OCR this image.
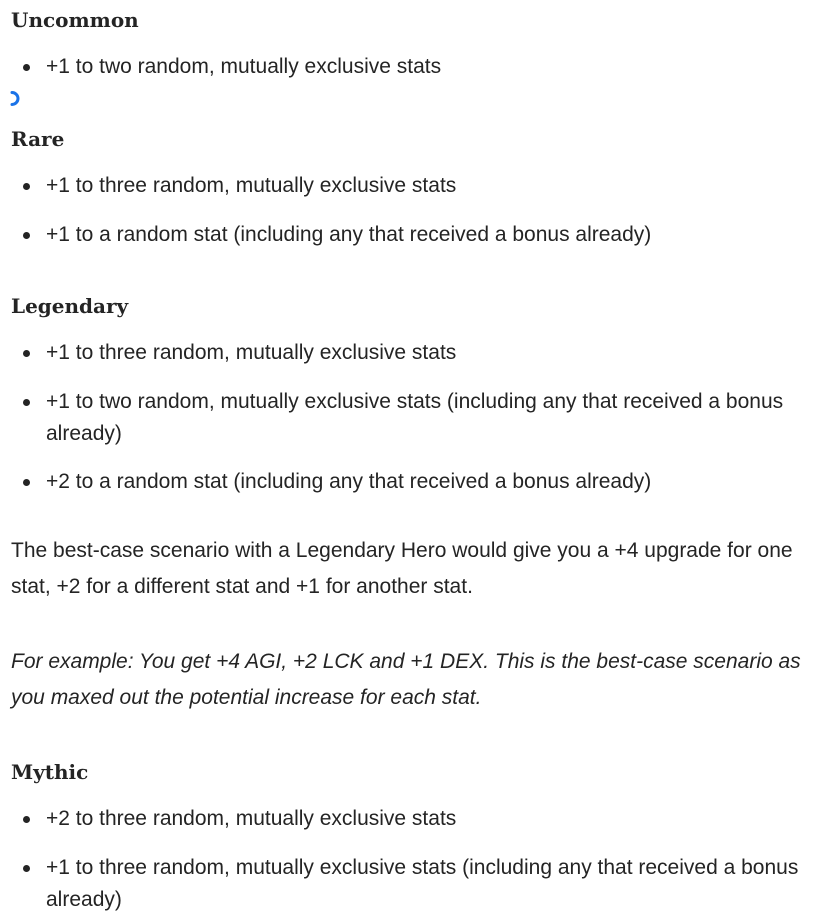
Uncommon
+1 to two random, mutually exclusive stats
Rare
+1 to three random, mutually exclusive stats
+1 to a random stat (including any that received a bonus already)
Legendary
+1 to three random, mutually exclusive stats
+1 to two random, mutually exclusive stats (including any that received a bonus already)
+2 to a random stat (including any that received a bonus already)

The best-case scenario with a Legendary Hero would give you a +4 upgrade for one stat, +2 for a different stat and +1 for another stat.

For example: You get +4 AGI, +2 LCK and +1 DEX. This is the best-case scenario as you maxed out the potential increase for each stat.

Mythic
+2 to three random, mutually exclusive stats
+1 to three random, mutually exclusive stats (including any that received a bonus already)
